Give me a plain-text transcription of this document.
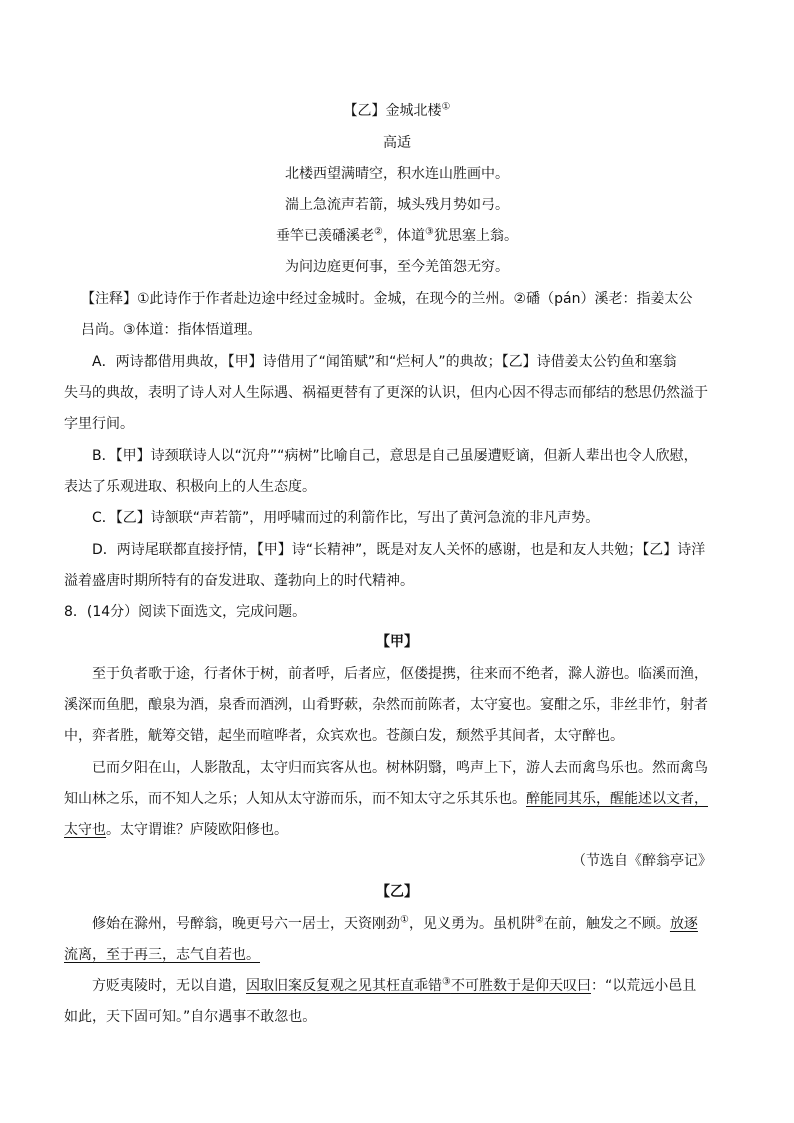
【乙】金城北楼①
高适
北楼西望满晴空，积水连山胜画中。
湍上急流声若箭，城头残月势如弓。
垂竿已羡磻溪老②，体道③犹思塞上翁。
为问边庭更何事，至今羌笛怨无穷。
【注释】①此诗作于作者赴边途中经过金城时。金城，在现今的兰州。②磻（pán）溪老：指姜太公
吕尚。③体道：指体悟道理。
A．两诗都借用典故，【甲】诗借用了“闻笛赋”和“烂柯人”的典故；【乙】诗借姜太公钓鱼和塞翁
失马的典故，表明了诗人对人生际遇、祸福更替有了更深的认识，但内心因不得志而郁结的愁思仍然溢于
字里行间。
B．【甲】诗颈联诗人以“沉舟”“病树”比喻自己，意思是自己虽屡遭贬谪，但新人辈出也令人欣慰，
表达了乐观进取、积极向上的人生态度。
C．【乙】诗颔联“声若箭”，用呼啸而过的利箭作比，写出了黄河急流的非凡声势。
D．两诗尾联都直接抒情，【甲】诗“长精神”，既是对友人关怀的感谢，也是和友人共勉；【乙】诗洋
溢着盛唐时期所特有的奋发进取、蓬勃向上的时代精神。
8．(14分）阅读下面选文，完成问题。
【甲】
至于负者歌于途，行者休于树，前者呼，后者应，伛偻提携，往来而不绝者，滁人游也。临溪而渔，
溪深而鱼肥，酿泉为酒，泉香而酒洌，山肴野蔌，杂然而前陈者，太守宴也。宴酣之乐，非丝非竹，射者
中，弈者胜，觥筹交错，起坐而喧哗者，众宾欢也。苍颜白发，颓然乎其间者，太守醉也。
已而夕阳在山，人影散乱，太守归而宾客从也。树林阴翳，鸣声上下，游人去而禽鸟乐也。然而禽鸟
知山林之乐，而不知人之乐；人知从太守游而乐，而不知太守之乐其乐也。醉能同其乐，醒能述以文者，
太守也。太守谓谁？庐陵欧阳修也。
（节选自《醉翁亭记》
【乙】
修始在滁州，号醉翁，晚更号六一居士，天资刚劲①，见义勇为。虽机阱②在前，触发之不顾。放逐
流离，至于再三，志气自若也。
方贬夷陵时，无以自遣，因取旧案反复观之见其枉直乖错③不可胜数于是仰天叹曰：“以荒远小邑且
如此，天下固可知。”自尔遇事不敢忽也。
